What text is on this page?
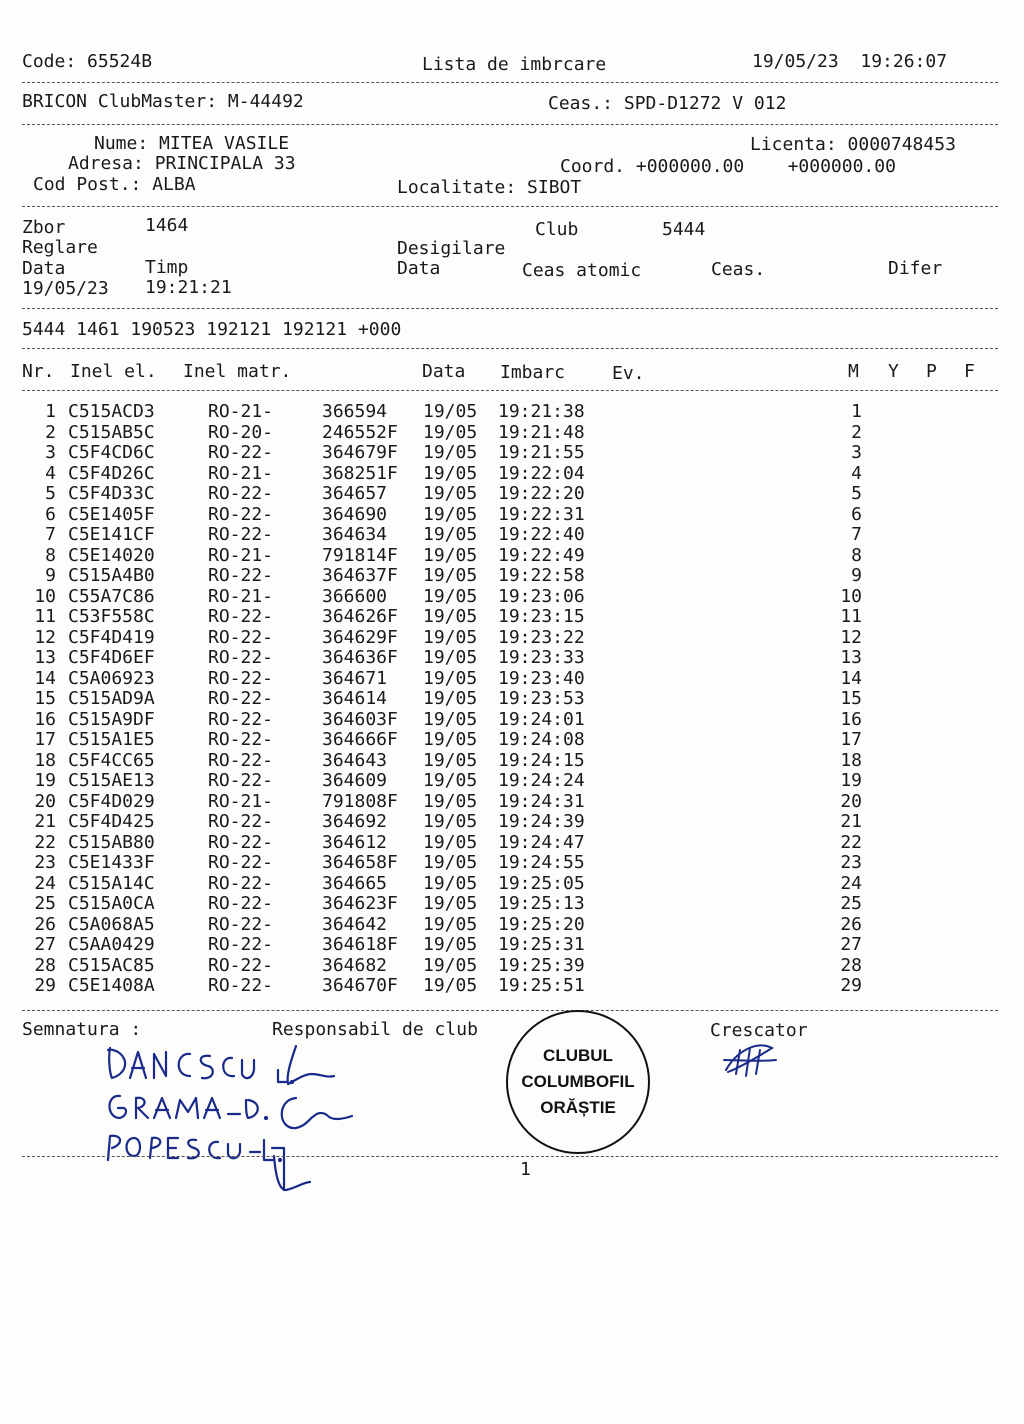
Code: 65524B	Lista de imbrcare	19/05/23  19:26:07
BRICON ClubMaster: M-44492	Ceas.: SPD-D1272 V 012
Nume: MITEA VASILE	Licenta: 0000748453
Adresa: PRINCIPALA 33	Coord. +000000.00    +000000.00
Cod Post.: ALBA	Localitate: SIBOT
Zbor	1464	Club	5444
Reglare	Desigilare
Data	Timp	Data	Ceas atomic	Ceas.	Difer
19/05/23 19:21:21
5444 1461 190523 192121 192121 +000
Nr. Inel el. Inel matr.	Data Imbarc	Ev.	M Y P F
1 C515ACD3	RO-21-	366594 19/05 19:21:38	1
2 C515AB5C	RO-20-	246552F 19/05 19:21:48	2
3 C5F4CD6C	RO-22-	364679F 19/05 19:21:55	3
4 C5F4D26C	RO-21-	368251F 19/05 19:22:04	4
5 C5F4D33C	RO-22-	364657 19/05 19:22:20	5
6 C5E1405F	RO-22-	364690 19/05 19:22:31	6
7 C5E141CF	RO-22-	364634 19/05 19:22:40	7
8 C5E14020	RO-21-	791814F 19/05 19:22:49	8
9 C515A4B0	RO-22-	364637F 19/05 19:22:58	9
10 C55A7C86	RO-21-	366600 19/05 19:23:06	10
11 C53F558C	RO-22-	364626F 19/05 19:23:15	11
12 C5F4D419	RO-22-	364629F 19/05 19:23:22	12
13 C5F4D6EF	RO-22-	364636F 19/05 19:23:33	13
14 C5A06923	RO-22-	364671 19/05 19:23:40	14
15 C515AD9A	RO-22-	364614 19/05 19:23:53	15
16 C515A9DF	RO-22-	364603F 19/05 19:24:01	16
17 C515A1E5	RO-22-	364666F 19/05 19:24:08	17
18 C5F4CC65	RO-22-	364643 19/05 19:24:15	18
19 C515AE13	RO-22-	364609 19/05 19:24:24	19
20 C5F4D029	RO-21-	791808F 19/05 19:24:31	20
21 C5F4D425	RO-22-	364692 19/05 19:24:39	21
22 C515AB80	RO-22-	364612 19/05 19:24:47	22
23 C5E1433F	RO-22-	364658F 19/05 19:24:55	23
24 C515A14C	RO-22-	364665 19/05 19:25:05	24
25 C515A0CA	RO-22-	364623F 19/05 19:25:13	25
26 C5A068A5	RO-22-	364642 19/05 19:25:20	26
27 C5AA0429	RO-22-	364618F 19/05 19:25:31	27
28 C515AC85	RO-22-	364682 19/05 19:25:39	28
29 C5E1408A	RO-22-	364670F 19/05 19:25:51	29
Semnatura :	Responsabil de club	Crescator
CLUBUL
COLUMBOFIL
ORĂȘTIE
1
